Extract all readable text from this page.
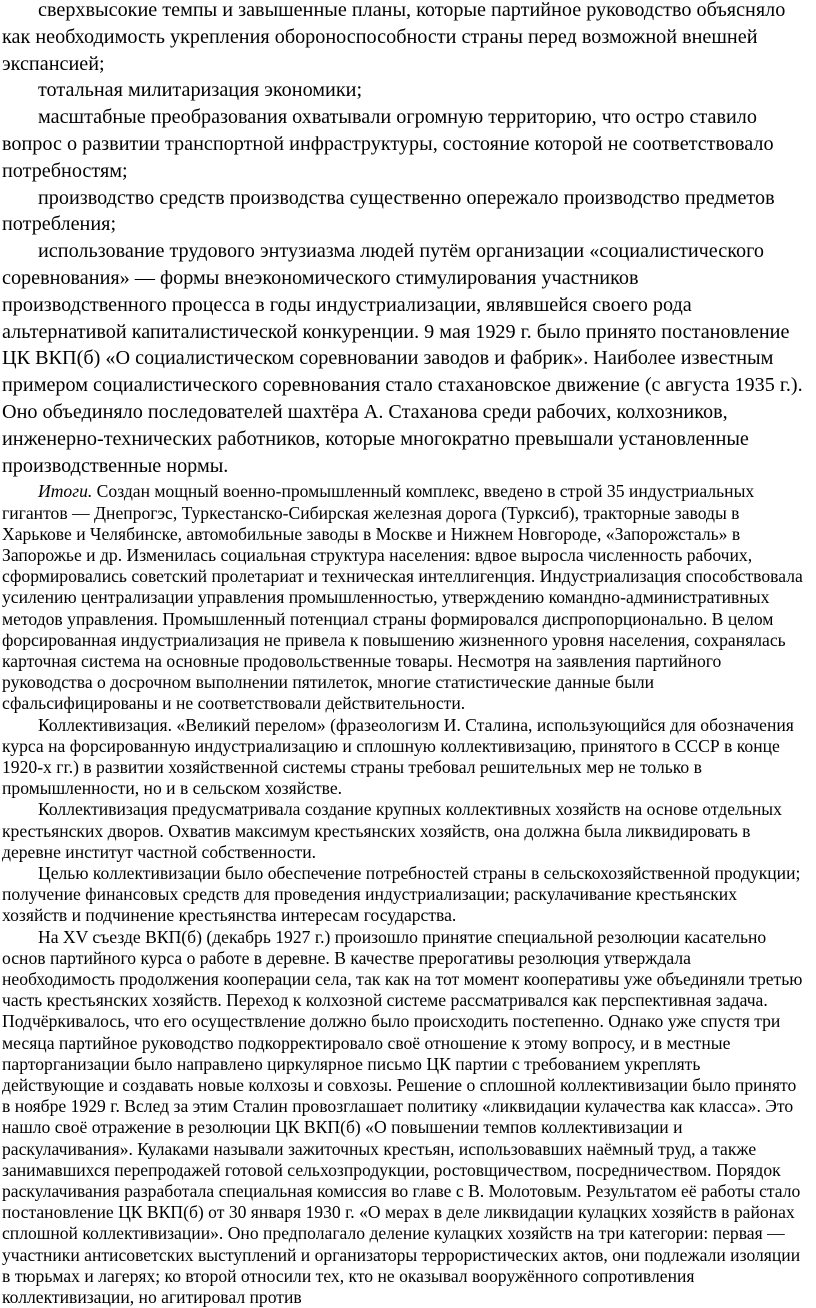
сверхвысокие темпы и завышенные планы, которые партийное руководство объясняло как необходимость укрепления обороноспособности страны перед возможной внешней экспансией;

тотальная милитаризация экономики;

масштабные преобразования охватывали огромную территорию, что остро ставило вопрос о развитии транспортной инфраструктуры, состояние которой не соответствовало потребностям;

производство средств производства существенно опережало производство предметов потребления;

использование трудового энтузиазма людей путём организации «социалистического соревнования» — формы внеэкономического стимулирования участников производственного процесса в годы индустриализации, являвшейся своего рода альтернативой капиталистической конкуренции. 9 мая 1929 г. было принято постановление ЦК ВКП(б) «О социалистическом соревновании заводов и фабрик». Наиболее известным примером социалистического соревнования стало стахановское движение (с августа 1935 г.). Оно объединяло последователей шахтёра А. Стаханова среди рабочих, колхозников, инженерно-технических работников, которые многократно превышали установленные производственные нормы.

Итоги. Создан мощный военно-промышленный комплекс, введено в строй 35 индустриальных гигантов — Днепрогэс, Туркестанско-Сибирская железная дорога (Турксиб), тракторные заводы в Харькове и Челябинске, автомобильные заводы в Москве и Нижнем Новгороде, «Запорожсталь» в Запорожье и др. Изменилась социальная структура населения: вдвое выросла численность рабочих, сформировались советский пролетариат и техническая интеллигенция. Индустриализация способствовала усилению централизации управления промышленностью, утверждению командно-административных методов управления. Промышленный потенциал страны формировался диспропорционально. В целом форсированная индустриализация не привела к повышению жизненного уровня населения, сохранялась карточная система на основные продовольственные товары. Несмотря на заявления партийного руководства о досрочном выполнении пятилеток, многие статистические данные были сфальсифицированы и не соответствовали действительности.

Коллективизация. «Великий перелом» (фразеологизм И. Сталина, использующийся для обозначения курса на форсированную индустриализацию и сплошную коллективизацию, принятого в СССР в конце 1920-х гг.) в развитии хозяйственной системы страны требовал решительных мер не только в промышленности, но и в сельском хозяйстве.

Коллективизация предусматривала создание крупных коллективных хозяйств на основе отдельных крестьянских дворов. Охватив максимум крестьянских хозяйств, она должна была ликвидировать в деревне институт частной собственности.

Целью коллективизации было обеспечение потребностей страны в сельскохозяйственной продукции; получение финансовых средств для проведения индустриализации; раскулачивание крестьянских хозяйств и подчинение крестьянства интересам государства.

На XV съезде ВКП(б) (декабрь 1927 г.) произошло принятие специальной резолюции касательно основ партийного курса о работе в деревне. В качестве прерогативы резолюция утверждала необходимость продолжения кооперации села, так как на тот момент кооперативы уже объединяли третью часть крестьянских хозяйств. Переход к колхозной системе рассматривался как перспективная задача. Подчёркивалось, что его осуществление должно было происходить постепенно. Однако уже спустя три месяца партийное руководство подкорректировало своё отношение к этому вопросу, и в местные парторганизации было направлено циркулярное письмо ЦК партии с требованием укреплять действующие и создавать новые колхозы и совхозы. Решение о сплошной коллективизации было принято в ноябре 1929 г. Вслед за этим Сталин провозглашает политику «ликвидации кулачества как класса». Это нашло своё отражение в резолюции ЦК ВКП(б) «О повышении темпов коллективизации и раскулачивания». Кулаками называли зажиточных крестьян, использовавших наёмный труд, а также занимавшихся перепродажей готовой сельхозпродукции, ростовщичеством, посредничеством. Порядок раскулачивания разработала специальная комиссия во главе с В. Молотовым. Результатом её работы стало постановление ЦК ВКП(б) от 30 января 1930 г. «О мерах в деле ликвидации кулацких хозяйств в районах сплошной коллективизации». Оно предполагало деление кулацких хозяйств на три категории: первая — участники антисоветских выступлений и организаторы террористических актов, они подлежали изоляции в тюрьмах и лагерях; ко второй относили тех, кто не оказывал вооружённого сопротивления коллективизации, но агитировал против
